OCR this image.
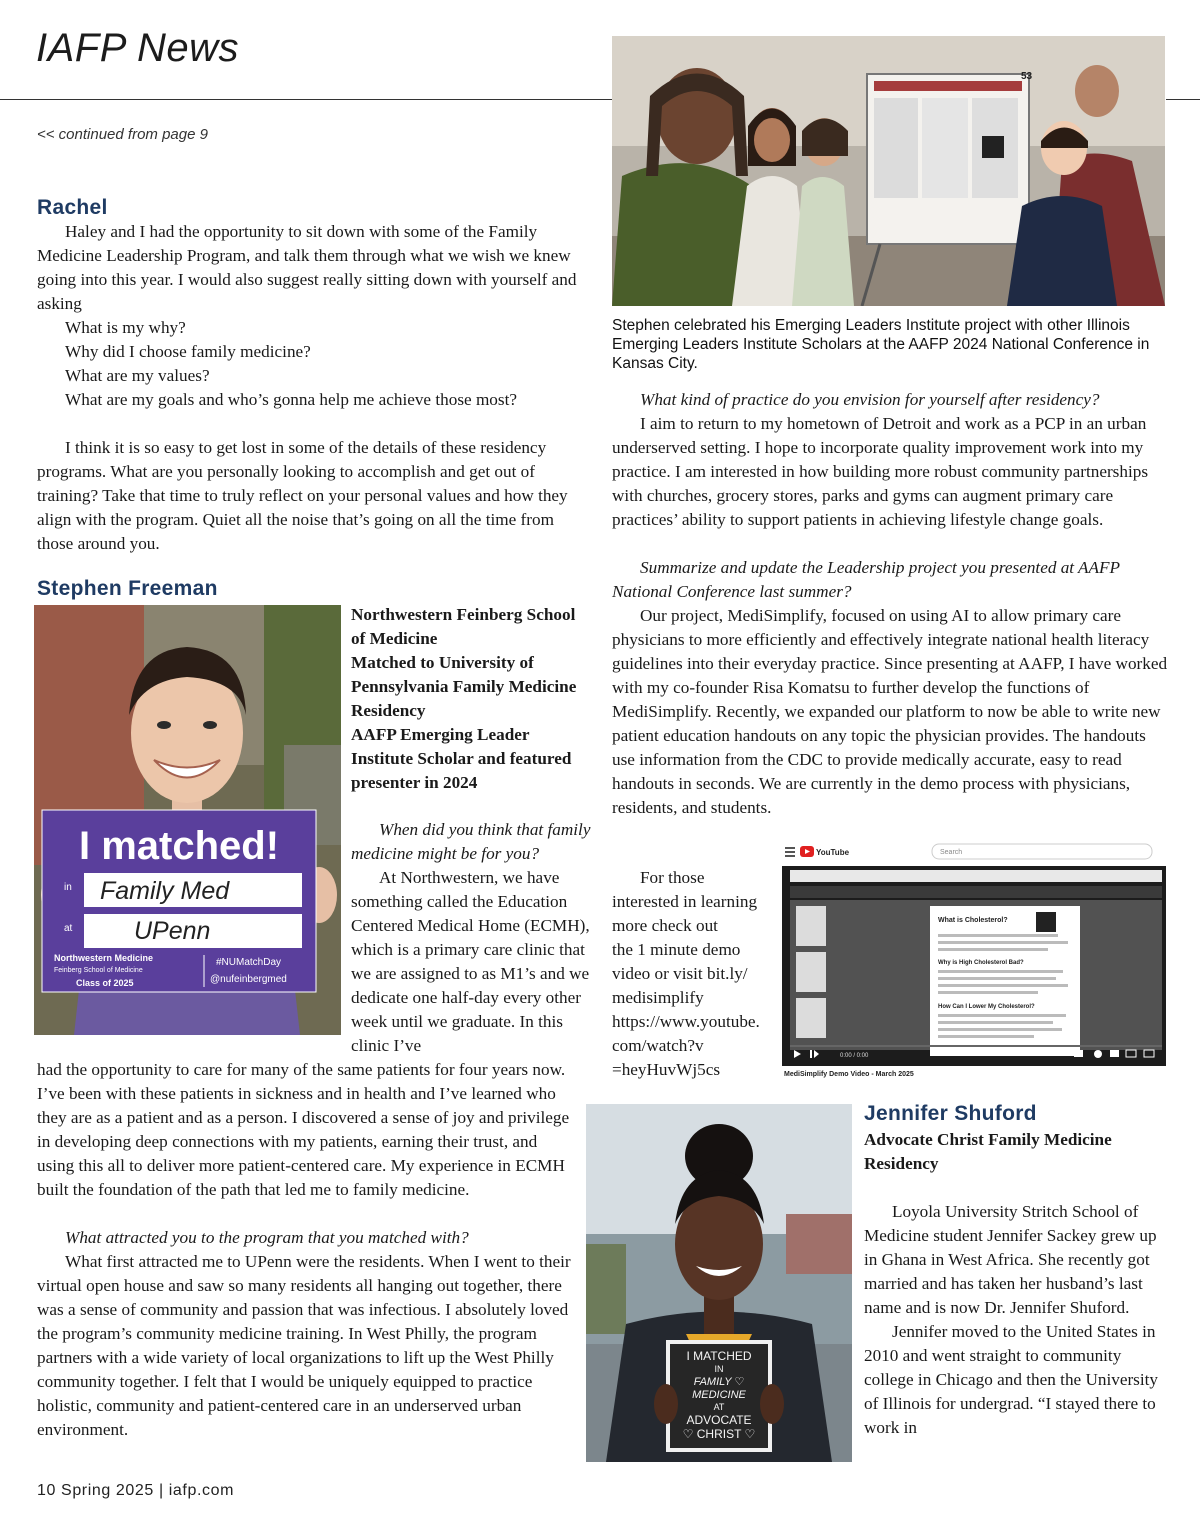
IAFP News
<< continued from page 9
Rachel

Haley and I had the opportunity to sit down with some of the Family Medicine Leadership Program, and talk them through what we wish we knew going into this year. I would also suggest really sitting down with yourself and asking

What is my why?

Why did I choose family medicine?

What are my values?

What are my goals and who’s gonna help me achieve those most?

I think it is so easy to get lost in some of the details of these residency programs. What are you personally looking to accomplish and get out of training? Take that time to truly reflect on your personal values and how they align with the program. Quiet all the noise that’s going on all the time from those around you.

Stephen Freeman
I matched!
in Family Med
at UPenn
Northwestern Medicine
Feinberg School of Medicine
Class of 2025
#NUMatchDay
@nufeinbergmed

Northwestern Feinberg School of Medicine

Matched to University of Pennsylvania Family Medicine Residency

AAFP Emerging Leader Institute Scholar and featured presenter in 2024

When did you think that family medicine might be for you?

At Northwestern, we have something called the Education Centered Medical Home (ECMH), which is a primary care clinic that we are assigned to as M1’s and we dedicate one half-day every other week until we graduate. In this clinic I’ve

had the opportunity to care for many of the same patients for four years now. I’ve been with these patients in sickness and in health and I’ve learned who they are as a patient and as a person. I discovered a sense of joy and privilege in developing deep connections with my patients, earning their trust, and using this all to deliver more patient-centered care. My experience in ECMH built the foundation of the path that led me to family medicine.

What attracted you to the program that you matched with?

What first attracted me to UPenn were the residents. When I went to their virtual open house and saw so many residents all hanging out together, there was a sense of community and passion that was infectious. I absolutely loved the program’s community medicine training. In West Philly, the program partners with a wide variety of local organizations to lift up the West Philly community together. I felt that I would be uniquely equipped to practice holistic, community and patient-centered care in an underserved urban environment.

53
Stephen celebrated his Emerging Leaders Institute project with other Illinois Emerging Leaders Institute Scholars at the AAFP 2024 National Conference in Kansas City.

What kind of practice do you envision for yourself after residency?

I aim to return to my hometown of Detroit and work as a PCP in an urban underserved setting. I hope to incorporate quality improvement work into my practice. I am interested in how building more robust community partnerships with churches, grocery stores, parks and gyms can augment primary care practices’ ability to support patients in achieving lifestyle change goals.

Summarize and update the Leadership project you presented at AAFP National Conference last summer?

Our project, MediSimplify, focused on using AI to allow primary care physicians to more efficiently and effectively integrate national health literacy guidelines into their everyday practice. Since presenting at AAFP, I have worked with my co-founder Risa Komatsu to further develop the functions of MediSimplify. Recently, we expanded our platform to now be able to write new patient education handouts on any topic the physician provides. The handouts use information from the CDC to provide medically accurate, easy to read handouts in seconds. We are currently in the demo process with physicians, residents, and students.

For those

interested in learning

more check out

the 1 minute demo

video or visit bit.ly/

medisimplify

https://www.youtube.

com/watch?v

=heyHuvWj5cs

YouTube	Search
What is Cholesterol?
Why is High Cholesterol Bad?
How Can I Lower My Cholesterol?
0:00 / 0:00
MediSimplify Demo Video - March 2025
I MATCHED
IN
FAMILY ♡
MEDICINE
AT
ADVOCATE
♡ CHRIST ♡
Jennifer Shuford
Advocate Christ Family Medicine Residency

Loyola University Stritch School of Medicine student Jennifer Sackey grew up in Ghana in West Africa. She recently got married and has taken her husband’s last name and is now Dr. Jennifer Shuford.

Jennifer moved to the United States in 2010 and went straight to community college in Chicago and then the University of Illinois for undergrad. “I stayed there to work in

10 Spring 2025 | iafp.com
